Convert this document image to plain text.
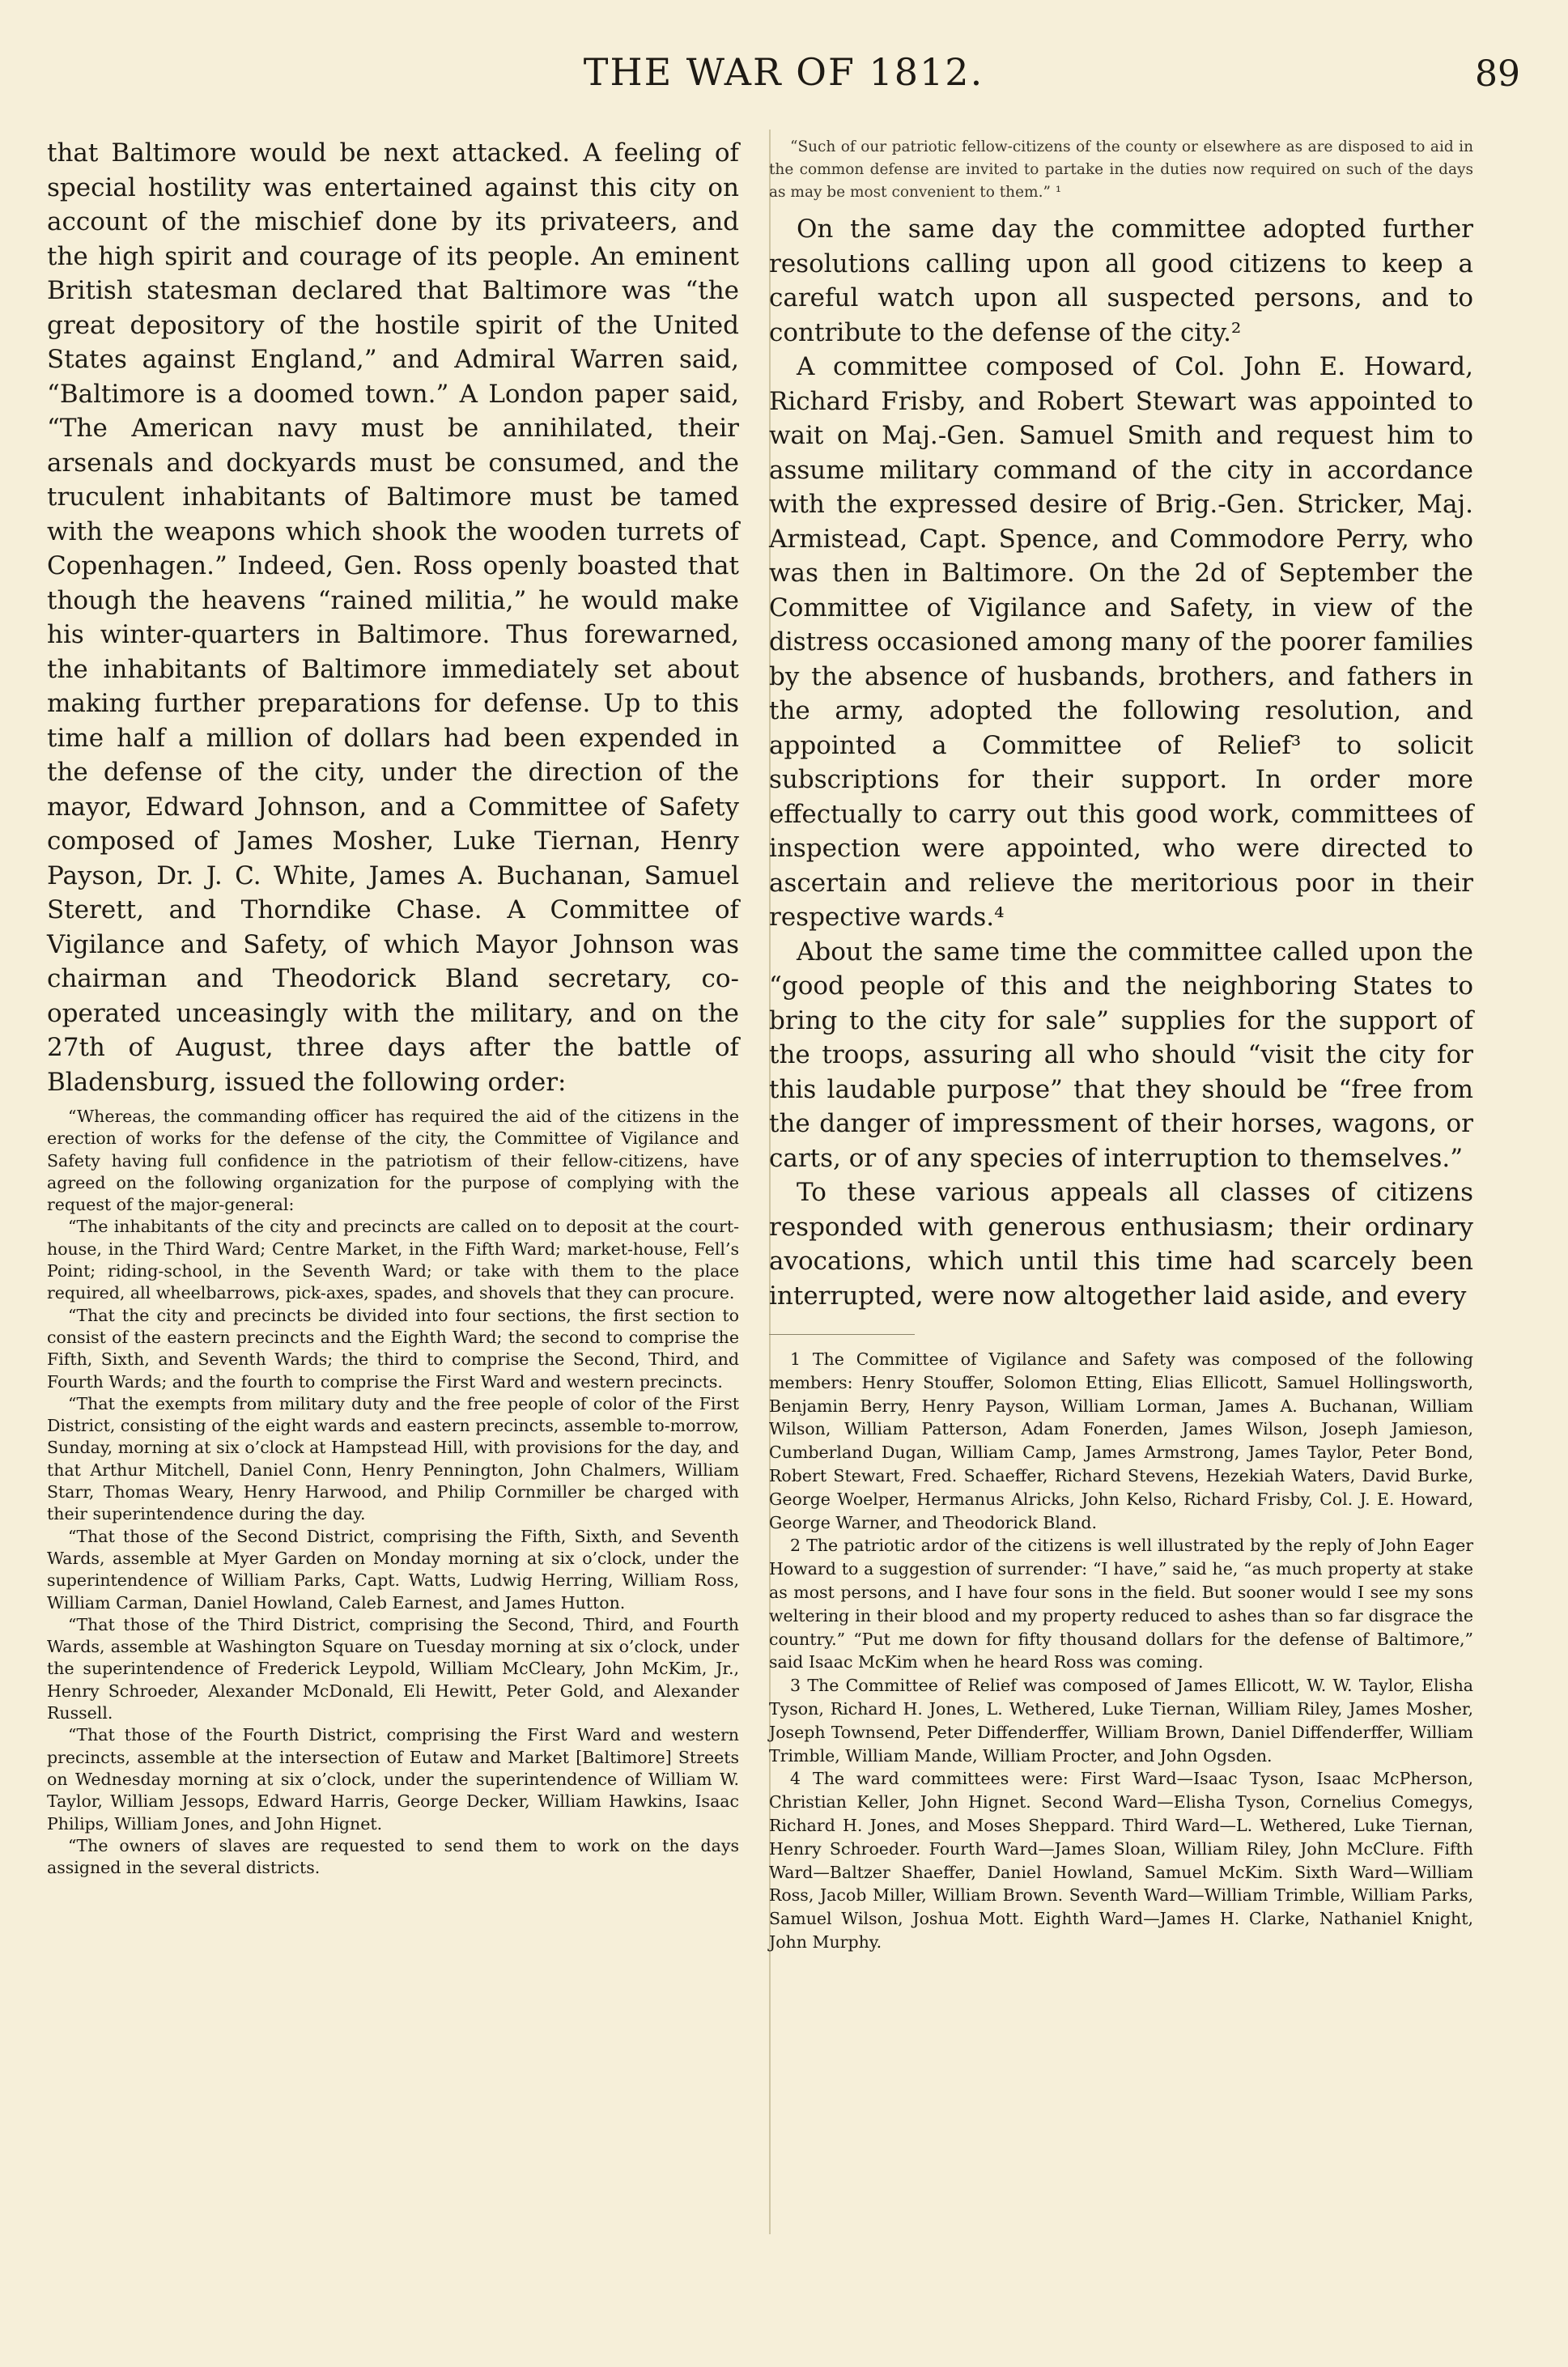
THE WAR OF 1812.	89

that Baltimore would be next attacked. A feeling of special hostility was entertained against this city on account of the mischief done by its privateers, and the high spirit and courage of its people. An eminent British statesman declared that Baltimore was “the great depository of the hostile spirit of the United States against England,” and Admiral Warren said, “Baltimore is a doomed town.” A London paper said, “The American navy must be annihilated, their arsenals and dockyards must be consumed, and the truculent inhabitants of Baltimore must be tamed with the weapons which shook the wooden turrets of Copenhagen.” Indeed, Gen. Ross openly boasted that though the heavens “rained militia,” he would make his winter-quarters in Baltimore. Thus forewarned, the inhabitants of Baltimore immediately set about making further preparations for defense. Up to this time half a million of dollars had been expended in the defense of the city, under the direction of the mayor, Edward Johnson, and a Committee of Safety composed of James Mosher, Luke Tiernan, Henry Payson, Dr. J. C. White, James A. Buchanan, Samuel Sterett, and Thorndike Chase. A Committee of Vigilance and Safety, of which Mayor Johnson was chairman and Theodorick Bland secretary, co-operated unceasingly with the military, and on the 27th of August, three days after the battle of Bladensburg, issued the following order:

“Whereas, the commanding officer has required the aid of the citizens in the erection of works for the defense of the city, the Committee of Vigilance and Safety having full confidence in the patriotism of their fellow-citizens, have agreed on the following organization for the purpose of complying with the request of the major-general:

“The inhabitants of the city and precincts are called on to deposit at the court-house, in the Third Ward; Centre Market, in the Fifth Ward; market-house, Fell’s Point; riding-school, in the Seventh Ward; or take with them to the place required, all wheelbarrows, pick-axes, spades, and shovels that they can procure.

“That the city and precincts be divided into four sections, the first section to consist of the eastern precincts and the Eighth Ward; the second to comprise the Fifth, Sixth, and Seventh Wards; the third to comprise the Second, Third, and Fourth Wards; and the fourth to comprise the First Ward and western precincts.

“That the exempts from military duty and the free people of color of the First District, consisting of the eight wards and eastern precincts, assemble to-morrow, Sunday, morning at six o’clock at Hampstead Hill, with provisions for the day, and that Arthur Mitchell, Daniel Conn, Henry Pennington, John Chalmers, William Starr, Thomas Weary, Henry Harwood, and Philip Cornmiller be charged with their superintendence during the day.

“That those of the Second District, comprising the Fifth, Sixth, and Seventh Wards, assemble at Myer Garden on Monday morning at six o’clock, under the superintendence of William Parks, Capt. Watts, Ludwig Herring, William Ross, William Carman, Daniel Howland, Caleb Earnest, and James Hutton.

“That those of the Third District, comprising the Second, Third, and Fourth Wards, assemble at Washington Square on Tuesday morning at six o’clock, under the superintendence of Frederick Leypold, William McCleary, John McKim, Jr., Henry Schroeder, Alexander McDonald, Eli Hewitt, Peter Gold, and Alexander Russell.

“That those of the Fourth District, comprising the First Ward and western precincts, assemble at the intersection of Eutaw and Market [Baltimore] Streets on Wednesday morning at six o’clock, under the superintendence of William W. Taylor, William Jessops, Edward Harris, George Decker, William Hawkins, Isaac Philips, William Jones, and John Hignet.

“The owners of slaves are requested to send them to work on the days assigned in the several districts.

“Such of our patriotic fellow-citizens of the county or elsewhere as are disposed to aid in the common defense are invited to partake in the duties now required on such of the days as may be most convenient to them.” ¹

On the same day the committee adopted further resolutions calling upon all good citizens to keep a careful watch upon all suspected persons, and to contribute to the defense of the city.²

A committee composed of Col. John E. Howard, Richard Frisby, and Robert Stewart was appointed to wait on Maj.-Gen. Samuel Smith and request him to assume military command of the city in accordance with the expressed desire of Brig.-Gen. Stricker, Maj. Armistead, Capt. Spence, and Commodore Perry, who was then in Baltimore. On the 2d of September the Committee of Vigilance and Safety, in view of the distress occasioned among many of the poorer families by the absence of husbands, brothers, and fathers in the army, adopted the following resolution, and appointed a Committee of Relief³ to solicit subscriptions for their support. In order more effectually to carry out this good work, committees of inspection were appointed, who were directed to ascertain and relieve the meritorious poor in their respective wards.⁴

About the same time the committee called upon the “good people of this and the neighboring States to bring to the city for sale” supplies for the support of the troops, assuring all who should “visit the city for this laudable purpose” that they should be “free from the danger of impressment of their horses, wagons, or carts, or of any species of interruption to themselves.”

To these various appeals all classes of citizens responded with generous enthusiasm; their ordinary avocations, which until this time had scarcely been interrupted, were now altogether laid aside, and every

1 The Committee of Vigilance and Safety was composed of the following members: Henry Stouffer, Solomon Etting, Elias Ellicott, Samuel Hollingsworth, Benjamin Berry, Henry Payson, William Lorman, James A. Buchanan, William Wilson, William Patterson, Adam Fonerden, James Wilson, Joseph Jamieson, Cumberland Dugan, William Camp, James Armstrong, James Taylor, Peter Bond, Robert Stewart, Fred. Schaeffer, Richard Stevens, Hezekiah Waters, David Burke, George Woelper, Hermanus Alricks, John Kelso, Richard Frisby, Col. J. E. Howard, George Warner, and Theodorick Bland.

2 The patriotic ardor of the citizens is well illustrated by the reply of John Eager Howard to a suggestion of surrender: “I have,” said he, “as much property at stake as most persons, and I have four sons in the field. But sooner would I see my sons weltering in their blood and my property reduced to ashes than so far disgrace the country.” “Put me down for fifty thousand dollars for the defense of Baltimore,” said Isaac McKim when he heard Ross was coming.

3 The Committee of Relief was composed of James Ellicott, W. W. Taylor, Elisha Tyson, Richard H. Jones, L. Wethered, Luke Tiernan, William Riley, James Mosher, Joseph Townsend, Peter Diffenderffer, William Brown, Daniel Diffenderffer, William Trimble, William Mande, William Procter, and John Ogsden.

4 The ward committees were: First Ward—Isaac Tyson, Isaac McPherson, Christian Keller, John Hignet. Second Ward—Elisha Tyson, Cornelius Comegys, Richard H. Jones, and Moses Sheppard. Third Ward—L. Wethered, Luke Tiernan, Henry Schroeder. Fourth Ward—James Sloan, William Riley, John McClure. Fifth Ward—Baltzer Shaeffer, Daniel Howland, Samuel McKim. Sixth Ward—William Ross, Jacob Miller, William Brown. Seventh Ward—William Trimble, William Parks, Samuel Wilson, Joshua Mott. Eighth Ward—James H. Clarke, Nathaniel Knight, John Murphy.
